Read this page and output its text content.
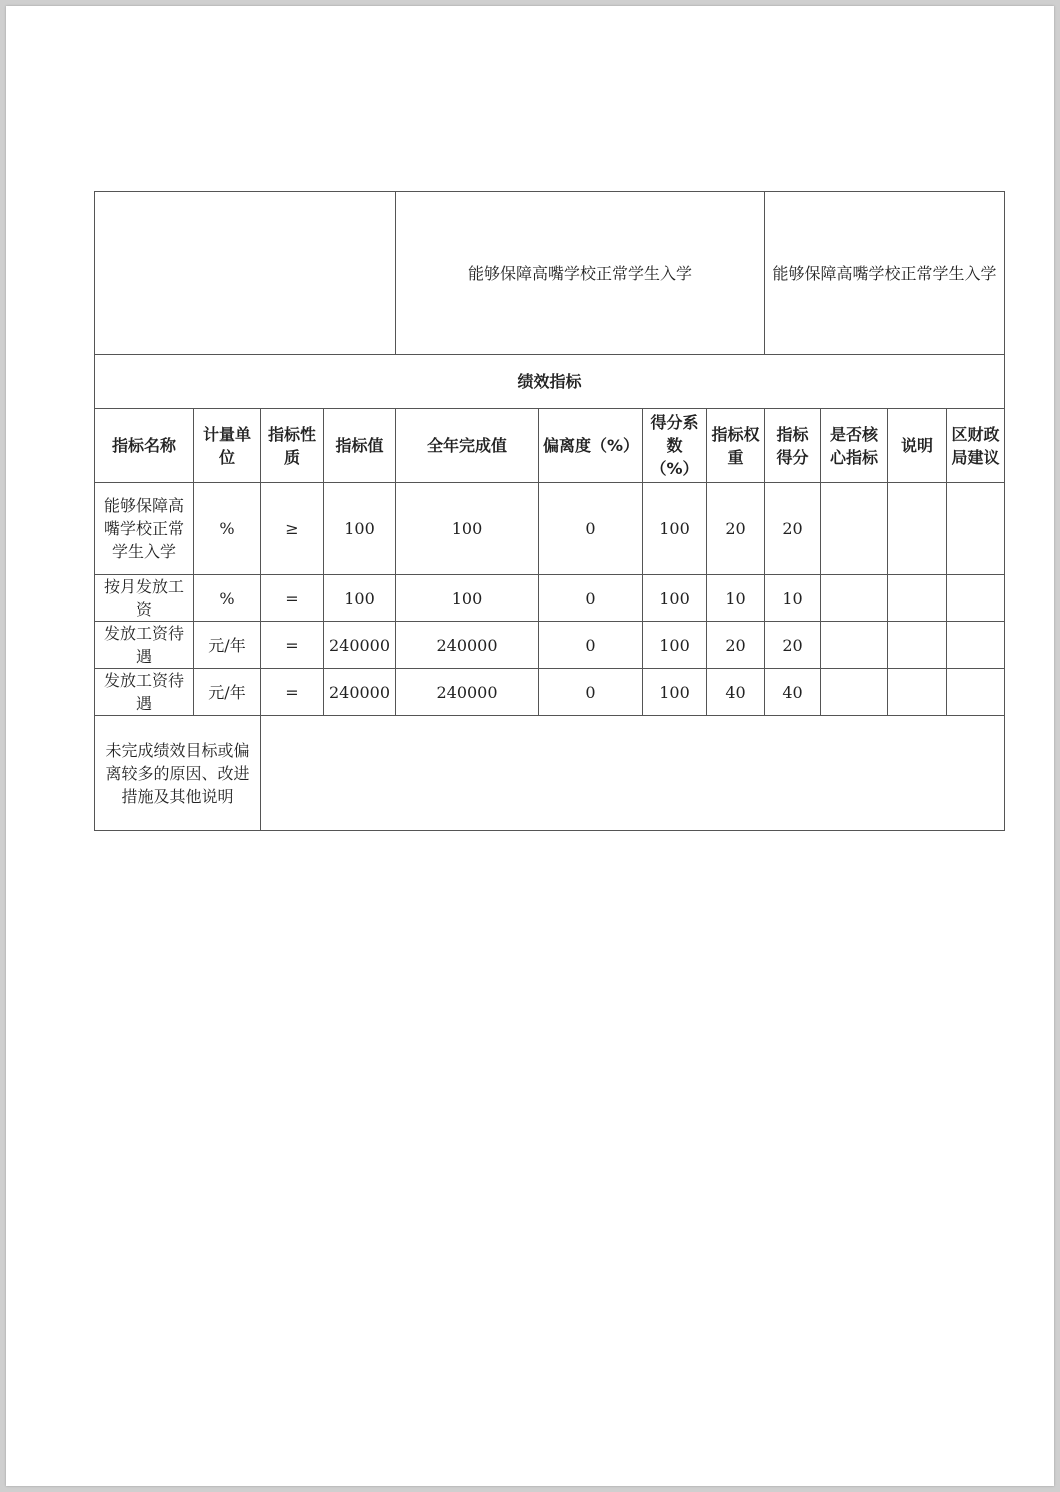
				能够保障高嘴学校正常学生入学				能够保障高嘴学校正常学生入学			
绩效指标											
指标名称	计量单位	指标性质	指标值	全年完成值	偏离度（%）	得分系数（%）	指标权重	指标得分	是否核心指标	说明	区财政局建议
能够保障高嘴学校正常学生入学	%	≥	100	100	0	100	20	20			
按月发放工资	%	=	100	100	0	100	10	10			
发放工资待遇	元/年	=	240000	240000	0	100	20	20			
发放工资待遇	元/年	=	240000	240000	0	100	40	40			
未完成绩效目标或偏离较多的原因、改进措施及其他说明											
